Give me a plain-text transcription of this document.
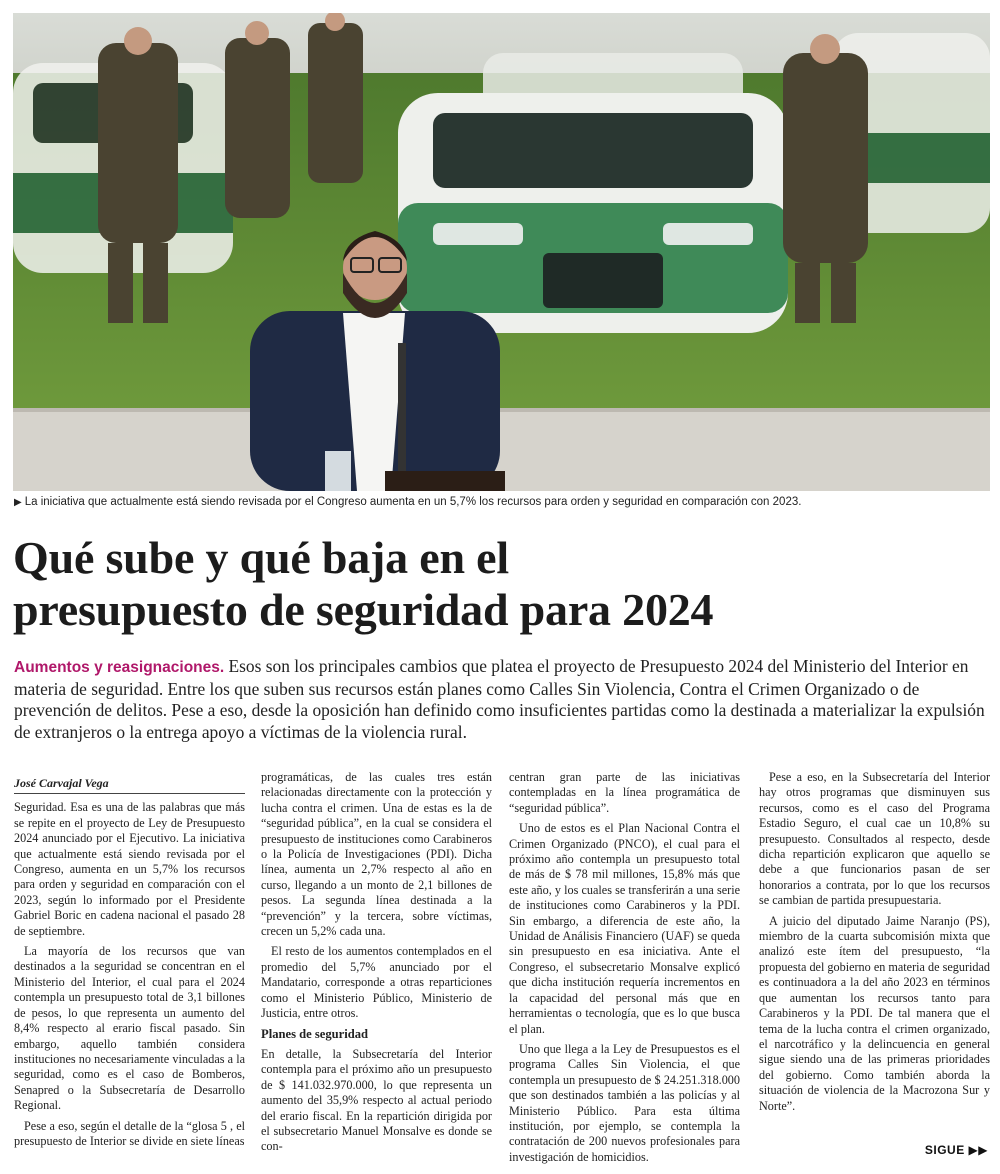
▶ La iniciativa que actualmente está siendo revisada por el Congreso aumenta en un 5,7% los recursos para orden y seguridad en comparación con 2023.
Qué sube y qué baja en el
presupuesto de seguridad para 2024

Aumentos y reasignaciones. Esos son los principales cambios que platea el proyecto de Presupuesto 2024 del Ministerio del Interior en materia de seguridad. Entre los que suben sus recursos están planes como Calles Sin Violencia, Contra el Crimen Organizado o de prevención de delitos. Pese a eso, desde la oposición han definido como insuficientes partidas como la destinada a materializar la expulsión de extranjeros o la entrega apoyo a víctimas de la violencia rural.

José Carvajal Vega

Seguridad. Esa es una de las palabras que más se repite en el proyecto de Ley de Presupuesto 2024 anunciado por el Ejecutivo. La iniciativa que actualmente está siendo revisada por el Congreso, aumenta en un 5,7% los recursos para orden y seguridad en comparación con el 2023, según lo informado por el Presidente Gabriel Boric en cadena nacional el pasado 28 de septiembre.

La mayoría de los recursos que van destinados a la seguridad se concentran en el Ministerio del Interior, el cual para el 2024 contempla un presupuesto total de 3,1 billones de pesos, lo que representa un aumento del 8,4% respecto al erario fiscal pasado. Sin embargo, aquello también considera instituciones no necesariamente vinculadas a la seguridad, como es el caso de Bomberos, Senapred o la Subsecretaría de Desarrollo Regional.

Pese a eso, según el detalle de la “glosa 5 , el presupuesto de Interior se divide en siete líneas

programáticas, de las cuales tres están relacionadas directamente con la protección y lucha contra el crimen. Una de estas es la de “seguridad pública”, en la cual se considera el presupuesto de instituciones como Carabineros o la Policía de Investigaciones (PDI). Dicha línea, aumenta un 2,7% respecto al año en curso, llegando a un monto de 2,1 billones de pesos. La segunda línea destinada a la “prevención” y la tercera, sobre víctimas, crecen un 5,2% cada una.

El resto de los aumentos contemplados en el promedio del 5,7% anunciado por el Mandatario, corresponde a otras reparticiones como el Ministerio Público, Ministerio de Justicia, entre otros.

Planes de seguridad

En detalle, la Subsecretaría del Interior contempla para el próximo año un presupuesto de $ 141.032.970.000, lo que representa un aumento del 35,9% respecto al actual periodo del erario fiscal. En la repartición dirigida por el subsecretario Manuel Monsalve es donde se con-

centran gran parte de las iniciativas contempladas en la línea programática de “seguridad pública”.

Uno de estos es el Plan Nacional Contra el Crimen Organizado (PNCO), el cual para el próximo año contempla un presupuesto total de más de $ 78 mil millones, 15,8% más que este año, y los cuales se transferirán a una serie de instituciones como Carabineros y la PDI. Sin embargo, a diferencia de este año, la Unidad de Análisis Financiero (UAF) se queda sin presupuesto en esa iniciativa. Ante el Congreso, el subsecretario Monsalve explicó que dicha institución requería incrementos en la capacidad del personal más que en herramientas o tecnología, que es lo que busca el plan.

Uno que llega a la Ley de Presupuestos es el programa Calles Sin Violencia, el que contempla un presupuesto de $ 24.251.318.000 que son destinados también a las policías y al Ministerio Público. Para esta última institución, por ejemplo, se contempla la contratación de 200 nuevos profesionales para investigación de homicidios.

Pese a eso, en la Subsecretaría del Interior hay otros programas que disminuyen sus recursos, como es el caso del Programa Estadio Seguro, el cual cae un 10,8% su presupuesto. Consultados al respecto, desde dicha repartición explicaron que aquello se debe a que funcionarios pasan de ser honorarios a contrata, por lo que los recursos se cambian de partida presupuestaria.

A juicio del diputado Jaime Naranjo (PS), miembro de la cuarta subcomisión mixta que analizó este ítem del presupuesto, “la propuesta del gobierno en materia de seguridad es continuadora a la del año 2023 en términos que aumentan los recursos tanto para Carabineros y la PDI. De tal manera que el tema de la lucha contra el crimen organizado, el narcotráfico y la delincuencia en general sigue siendo una de las primeras prioridades del gobierno. Como también aborda la situación de violencia de la Macrozona Sur y Norte”.

SIGUE ▶▶
